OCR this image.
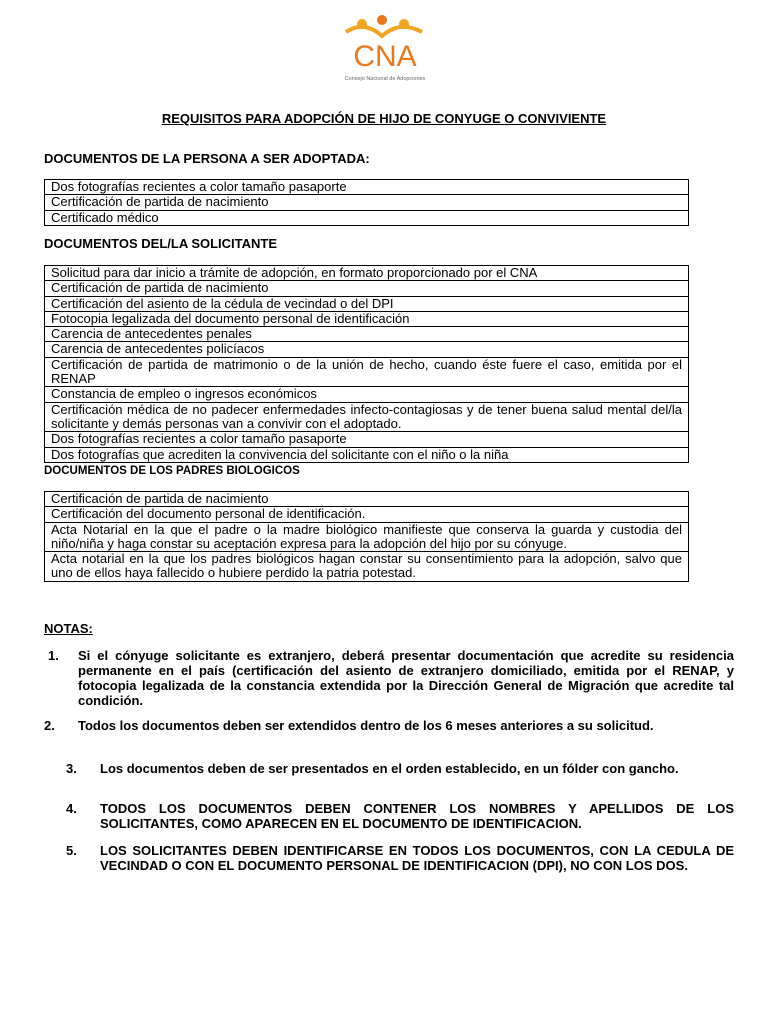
CNA
Consejo Nacional de Adopciones
REQUISITOS PARA ADOPCIÓN DE HIJO DE CONYUGE O CONVIVIENTE
DOCUMENTOS DE LA PERSONA A SER ADOPTADA:
Dos fotografías recientes a color tamaño pasaporte
Certificación de partida de nacimiento
Certificado médico
DOCUMENTOS DEL/LA SOLICITANTE
Solicitud para dar inicio a trámite de adopción, en formato proporcionado por el CNA
Certificación de partida de nacimiento
Certificación del asiento de la cédula de vecindad o del DPI
Fotocopia legalizada del documento personal de identificación
Carencia de antecedentes penales
Carencia de antecedentes policíacos
Certificación de partida de matrimonio o de la unión de hecho, cuando éste fuere el caso, emitida por el RENAP
Constancia de empleo o ingresos económicos
Certificación médica de no padecer enfermedades infecto-contagiosas y de tener buena salud mental del/la solicitante y demás personas van a convivir con el adoptado.
Dos fotografías recientes a color tamaño pasaporte
Dos fotografías que acrediten la convivencia del solicitante con el niño o la niña
DOCUMENTOS DE LOS PADRES BIOLOGICOS
Certificación de partida de nacimiento
Certificación del documento personal de identificación.
Acta Notarial en la que el padre o la madre biológico manifieste que conserva la guarda y custodia del niño/niña y haga constar su aceptación expresa para la adopción del hijo por su cónyuge.
Acta notarial en la que los padres biológicos hagan constar su consentimiento para la adopción, salvo que uno de ellos haya fallecido o hubiere perdido la patria potestad.
NOTAS:
1.	Si el cónyuge solicitante es extranjero, deberá presentar documentación que acredite su residencia permanente en el país (certificación del asiento de extranjero domiciliado, emitida por el RENAP, y fotocopia legalizada de la constancia extendida por la Dirección General de Migración que acredite tal condición.
2.	Todos los documentos deben ser extendidos dentro de los 6 meses anteriores a su solicitud.
3.	Los documentos deben de ser presentados en el orden establecido, en un fólder con gancho.
4.	TODOS LOS DOCUMENTOS DEBEN CONTENER LOS NOMBRES Y APELLIDOS DE LOS SOLICITANTES, COMO APARECEN EN EL DOCUMENTO DE IDENTIFICACION.
5.	LOS SOLICITANTES DEBEN IDENTIFICARSE EN TODOS LOS DOCUMENTOS, CON LA CEDULA DE VECINDAD O CON EL DOCUMENTO PERSONAL DE IDENTIFICACION (DPI), NO CON LOS DOS.
